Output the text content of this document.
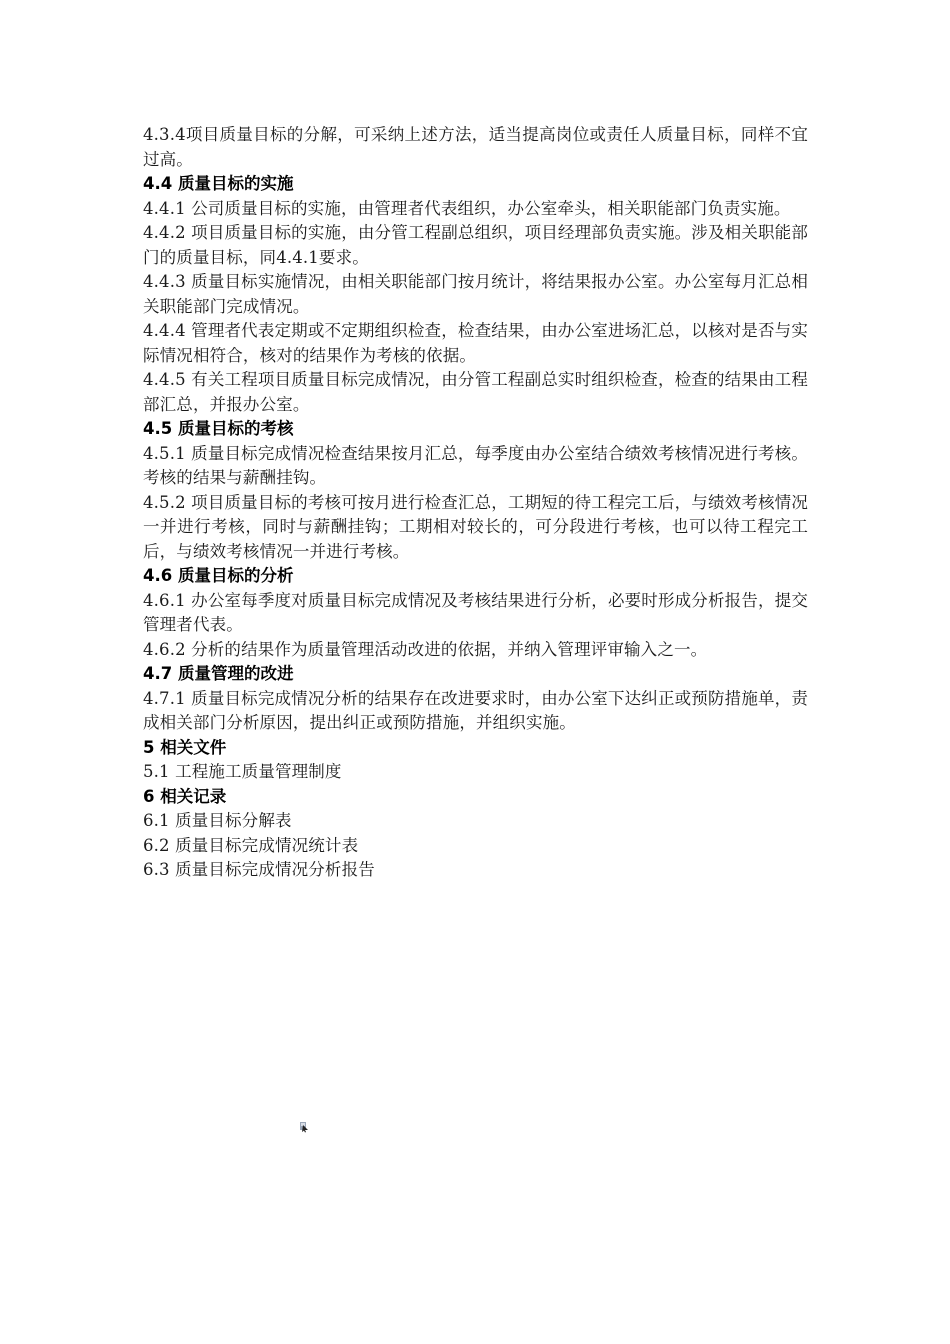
4.3.4项目质量目标的分解，可采纳上述方法，适当提高岗位或责任人质量目标，同样不宜过高。

4.4 质量目标的实施

4.4.1 公司质量目标的实施，由管理者代表组织，办公室牵头，相关职能部门负责实施。

4.4.2 项目质量目标的实施，由分管工程副总组织，项目经理部负责实施。涉及相关职能部门的质量目标，同4.4.1要求。

4.4.3 质量目标实施情况，由相关职能部门按月统计，将结果报办公室。办公室每月汇总相关职能部门完成情况。

4.4.4 管理者代表定期或不定期组织检查，检查结果，由办公室进场汇总，以核对是否与实际情况相符合，核对的结果作为考核的依据。

4.4.5 有关工程项目质量目标完成情况，由分管工程副总实时组织检查，检查的结果由工程部汇总，并报办公室。

4.5 质量目标的考核

4.5.1 质量目标完成情况检查结果按月汇总，每季度由办公室结合绩效考核情况进行考核。考核的结果与薪酬挂钩。

4.5.2 项目质量目标的考核可按月进行检查汇总，工期短的待工程完工后，与绩效考核情况一并进行考核，同时与薪酬挂钩；工期相对较长的，可分段进行考核，也可以待工程完工后，与绩效考核情况一并进行考核。

4.6 质量目标的分析

4.6.1 办公室每季度对质量目标完成情况及考核结果进行分析，必要时形成分析报告，提交管理者代表。

4.6.2 分析的结果作为质量管理活动改进的依据，并纳入管理评审输入之一。

4.7 质量管理的改进

4.7.1 质量目标完成情况分析的结果存在改进要求时，由办公室下达纠正或预防措施单，责成相关部门分析原因，提出纠正或预防措施，并组织实施。

5 相关文件

5.1 工程施工质量管理制度

6 相关记录

6.1 质量目标分解表

6.2 质量目标完成情况统计表

6.3 质量目标完成情况分析报告
